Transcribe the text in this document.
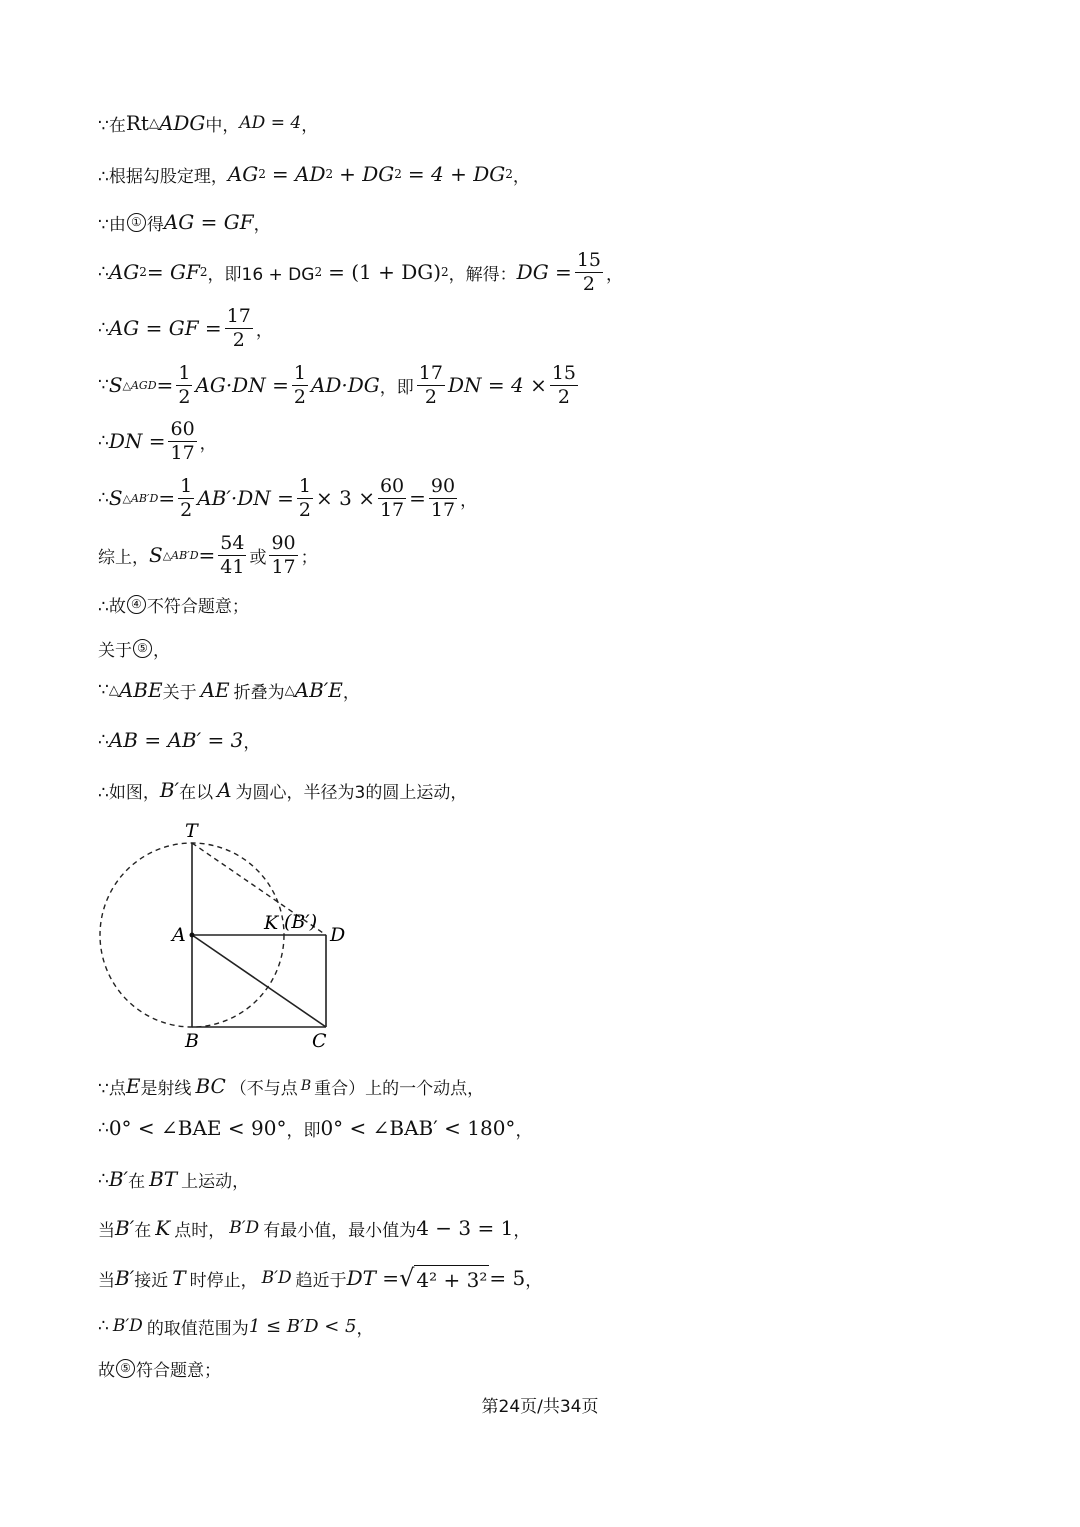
∵在 Rt △ ADG 中， AD = 4 ，
∴根据勾股定理， AG 2 = AD 2 + DG 2 = 4 + DG 2 ，
∵由 ① 得 AG = GF ，
∴ AG 2 = GF 2 ，即16 + DG 2 = (1 + DG) 2 ，解得： DG = $\frac{15}{2}$ ，
∴ AG = GF = $\frac{17}{2}$ ，
∵ S △AGD = $\frac{1}{2} AG\cdot DN = \frac{1}{2} AD\cdot DG$ ，即 $\frac{17}{2}$ DN = $4 \times \frac{15}{2}$
∴ DN = $\frac{60}{17}$ ，
∴ S △AB′D = $\frac{1}{2} AB'\cdot DN = \frac{1}{2} \times 3 \times \frac{60}{17} = \frac{90}{17}$ ，
综上， S △AB′D = $\frac{54}{41}$ 或 $\frac{90}{17}$ ；
∴故 ④ 不符合题意；
关于 ⑤ ，
∵ △ ABE 关于 AE 折叠为 △ AB′E ，
∴ AB = AB′ = 3 ，
∴如图， B′ 在以 A 为圆心，半径为3的圆上运动，
T
A
K (B′)
D
B	C
∵点 E 是射线 BC （不与点 B 重合）上的一个动点，
∴ 0° < ∠BAE < 90° ，即 0° < ∠BAB′ < 180° ，
∴ B′ 在 BT 上运动，
当 B′ 在 K 点时， B′D 有最小值，最小值为 4 − 3 = 1 ，
当 B′ 接近 T 时停止， B′D 趋近于 DT = √ 4² + 3² = 5 ，
∴ B′D 的取值范围为 1 ≤ B′D < 5 ，
故 ⑤ 符合题意；
第24页/共34页
